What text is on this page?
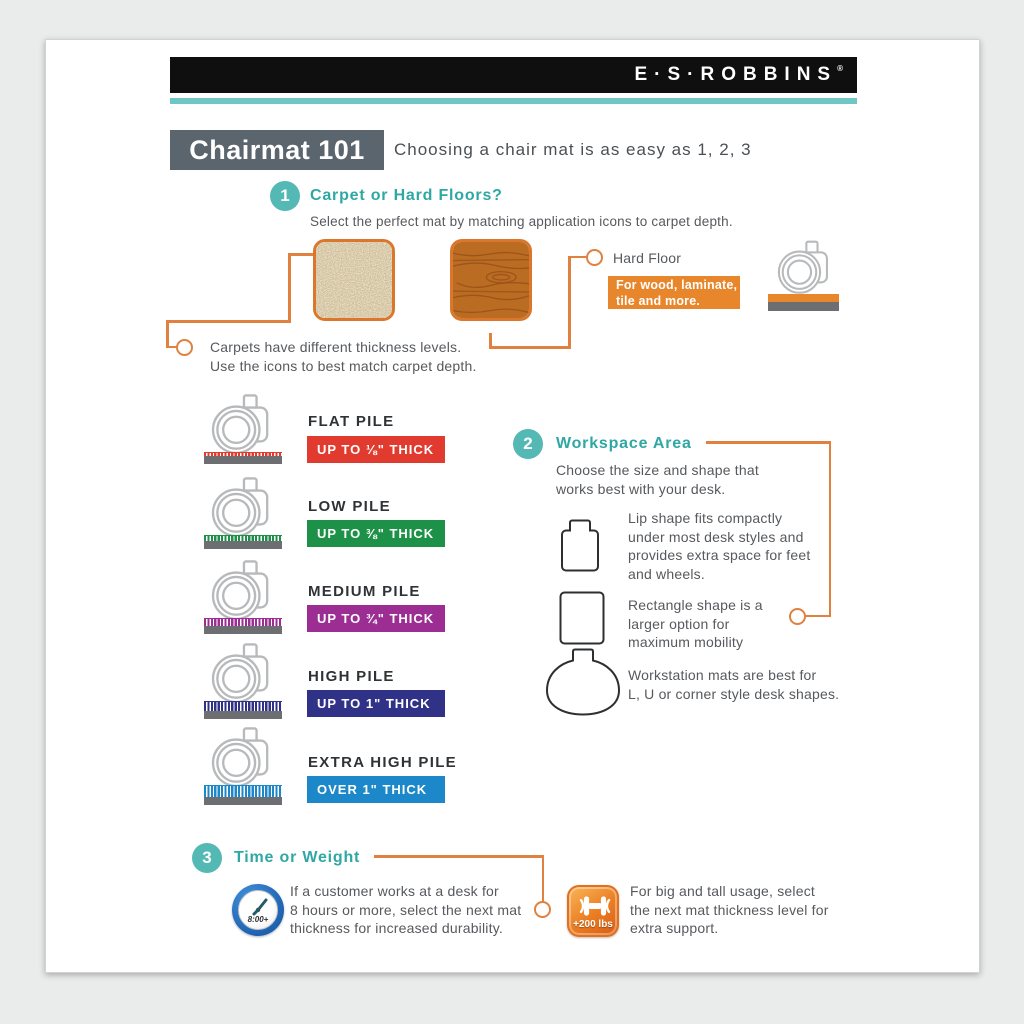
E·S·ROBBINS®
Chairmat 101	Choosing a chair mat is as easy as 1, 2, 3
1	Carpet or Hard Floors?
Select the perfect mat by matching application icons to carpet depth.
Hard Floor
For wood, laminate,
tile and more.
Carpets have different thickness levels.
Use the icons to best match carpet depth.
FLAT PILE
UP TO ⅛" THICK
LOW PILE
UP TO ⅜" THICK
MEDIUM PILE
UP TO ¾" THICK
HIGH PILE
UP TO 1" THICK
EXTRA HIGH PILE
OVER 1" THICK
2	Workspace Area
Choose the size and shape that
works best with your desk.
Lip shape fits compactly
under most desk styles and
provides extra space for feet
and wheels.
Rectangle shape is a
larger option for
maximum mobility
Workstation mats are best for
L, U or corner style desk shapes.
3	Time or Weight
8:00+
If a customer works at a desk for
8 hours or more, select the next mat
thickness for increased durability.	+200 lbs
For big and tall usage, select
the next mat thickness level for
extra support.
